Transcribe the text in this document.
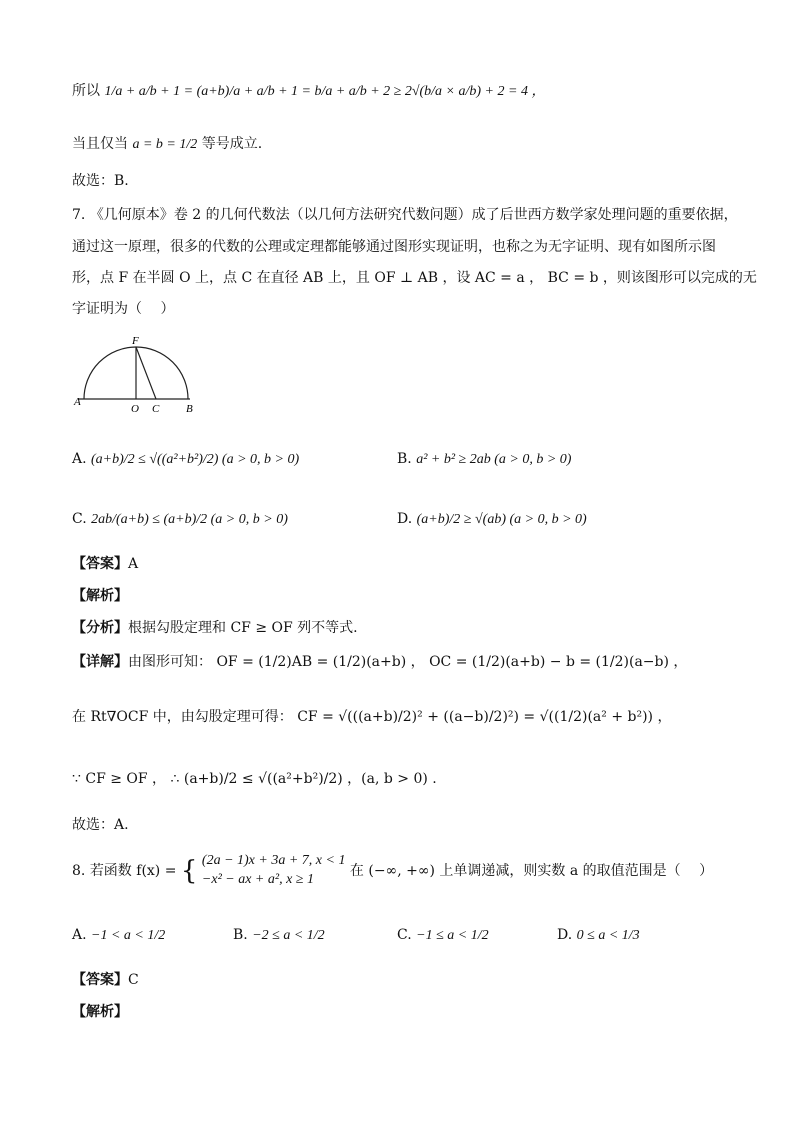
所以 1/a + a/b + 1 = (a+b)/a + a/b + 1 = b/a + a/b + 2 ≥ 2√(b/a × a/b) + 2 = 4 ，
当且仅当 a = b = 1/2 等号成立.
故选：B.
7. 《几何原本》卷 2 的几何代数法（以几何方法研究代数问题）成了后世西方数学家处理问题的重要依据，
通过这一原理，很多的代数的公理或定理都能够通过图形实现证明，也称之为无字证明、现有如图所示图
形，点 F 在半圆 O 上，点 C 在直径 AB 上，且 OF ⊥ AB ，设 AC = a ， BC = b ，则该图形可以完成的无
字证明为（　 ）
F
A
O C B
A. (a+b)/2 ≤ √((a²+b²)/2) (a > 0, b > 0)	B. a² + b² ≥ 2ab (a > 0, b > 0)
C. 2ab/(a+b) ≤ (a+b)/2 (a > 0, b > 0)	D. (a+b)/2 ≥ √(ab) (a > 0, b > 0)
【答案】A
【解析】
【分析】根据勾股定理和 CF ≥ OF 列不等式.
【详解】由图形可知： OF = (1/2)AB = (1/2)(a+b) ， OC = (1/2)(a+b) − b = (1/2)(a−b) ，
在 Rt∇OCF 中，由勾股定理可得： CF = √(((a+b)/2)² + ((a−b)/2)²) = √((1/2)(a² + b²)) ，
∵ CF ≥ OF ， ∴ (a+b)/2 ≤ √((a²+b²)/2) ，(a, b > 0) .
故选：A.
8. 若函数 f(x) = { (2a − 1)x + 3a + 7, x < 1
−x² − ax + a², x ≥ 1
在 (−∞, +∞) 上单调递减，则实数 a 的取值范围是（　 ）
A. −1 < a < 1/2	B. −2 ≤ a < 1/2	C. −1 ≤ a < 1/2	D. 0 ≤ a < 1/3
【答案】C
【解析】
